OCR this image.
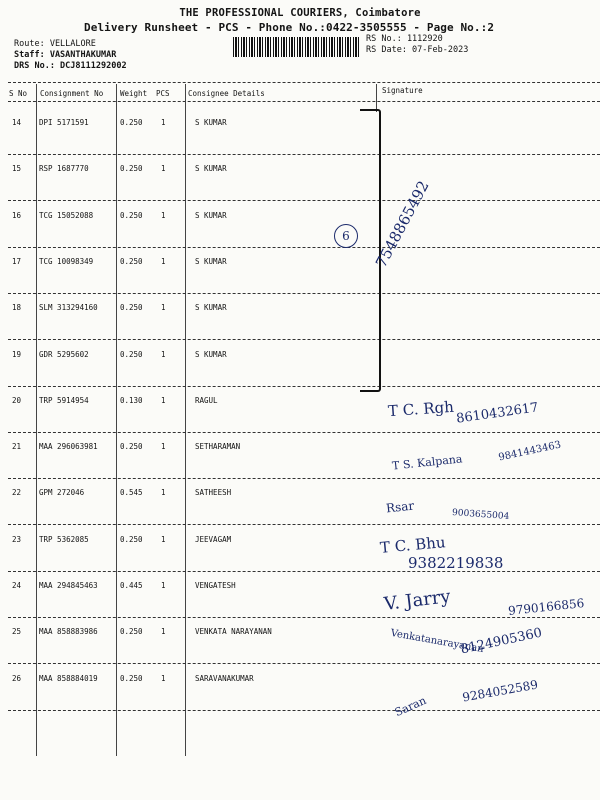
THE PROFESSIONAL COURIERS, Coimbatore
Delivery Runsheet - PCS - Phone No.:0422-3505555 - Page No.:2
Route: VELLALORE
Staff: VASANTHAKUMAR
DRS No.: DCJ8111292002
RS No.: 1112920
RS Date: 07-Feb-2023
S No Consignment No Weight PCS Consignee Details	Signature
14 DPI 5171591	0.250 1	S KUMAR
15 RSP 1687770	0.250 1	S KUMAR
16 TCG 15052088	0.250 1	S KUMAR
17 TCG 10098349	0.250 1	S KUMAR
18 SLM 313294160	0.250 1	S KUMAR
19 GDR 5295602	0.250 1	S KUMAR
20 TRP 5914954	0.130 1	RAGUL
21 MAA 296063981	0.250 1	SETHARAMAN
22 GPM 272046	0.545 1	SATHEESH
23 TRP 5362085	0.250 1	JEEVAGAM
24 MAA 294845463	0.445 1	VENGATESH
25 MAA 858883986	0.250 1	VENKATA NARAYANAN
26 MAA 858884019	0.250 1	SARAVANAKUMAR
6	7548865492
T C. Rgh 8610432617
T S. Kalpana	9841443463
Rsar	9003655004
T C. Bhu
9382219838
V. Jarry	9790166856
Venkatanarayanan
8124905360
Saran
9284052589
